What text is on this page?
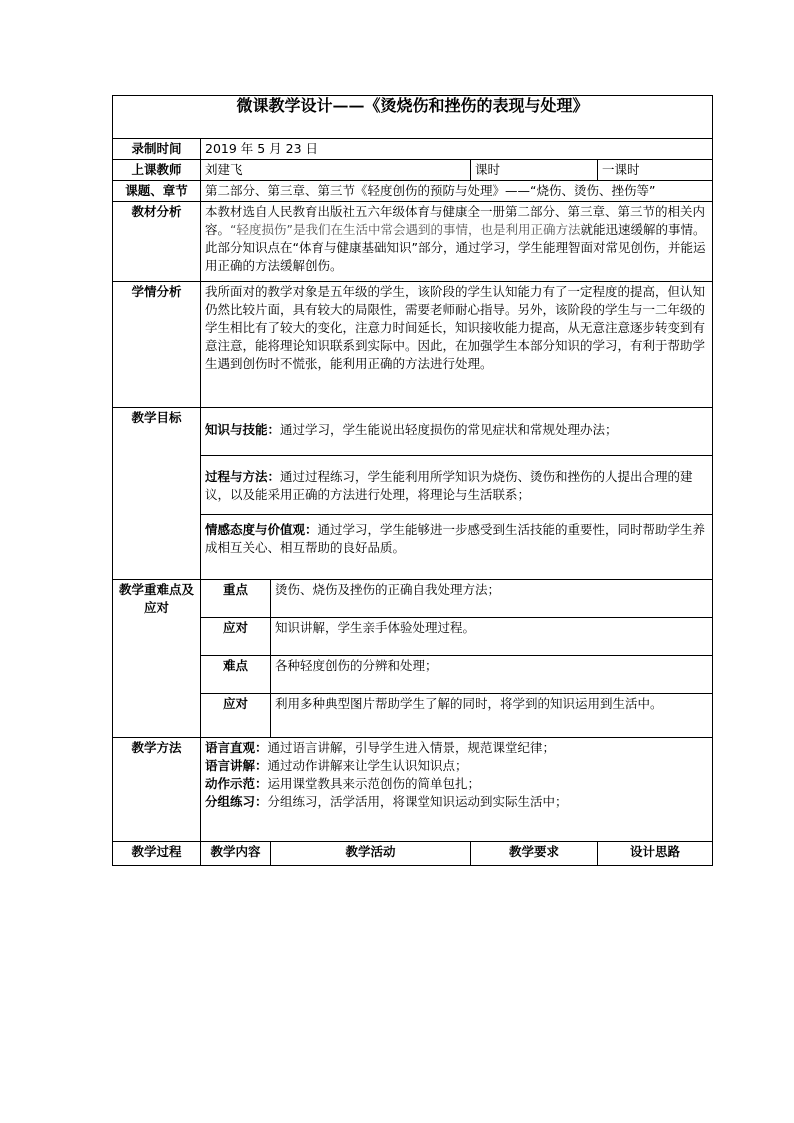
微课教学设计——《烫烧伤和挫伤的表现与处理》				
录制时间	2019 年 5 月 23 日			
上课教师	刘建飞		课时	一课时
课题、章节	第二部分、第三章、第三节《轻度创伤的预防与处理》——“烧伤、烫伤、挫伤等”			
教材分析	本教材选自人民教育出版社五六年级体育与健康全一册第二部分、第三章、第三节的相关内容。“轻度损伤”是我们在生活中常会遇到的事情，也是利用正确方法就能迅速缓解的事情。此部分知识点在“体育与健康基础知识”部分，通过学习，学生能理智面对常见创伤，并能运用正确的方法缓解创伤。			
学情分析	我所面对的教学对象是五年级的学生，该阶段的学生认知能力有了一定程度的提高，但认知仍然比较片面，具有较大的局限性，需要老师耐心指导。另外，该阶段的学生与一二年级的学生相比有了较大的变化，注意力时间延长，知识接收能力提高，从无意注意逐步转变到有意注意，能将理论知识联系到实际中。因此，在加强学生本部分知识的学习，有利于帮助学生遇到创伤时不慌张，能利用正确的方法进行处理。			
教学目标	知识与技能：通过学习，学生能说出轻度损伤的常见症状和常规处理办法；
过程与方法：通过过程练习，学生能利用所学知识为烧伤、烫伤和挫伤的人提出合理的建议，以及能采用正确的方法进行处理，将理论与生活联系；
情感态度与价值观：通过学习，学生能够进一步感受到生活技能的重要性，同时帮助学生养成相互关心、相互帮助的良好品质。			

教学重难点及应对	重点	烫伤、烧伤及挫伤的正确自我处理方法；		
	应对	知识讲解，学生亲手体验处理过程。		
	难点	各种轻度创伤的分辨和处理；		
	应对	利用多种典型图片帮助学生了解的同时，将学到的知识运用到生活中。		
教学方法	语言直观：通过语言讲解，引导学生进入情景，规范课堂纪律；
语言讲解：通过动作讲解来让学生认识知识点；
动作示范：运用课堂教具来示范创伤的简单包扎；
分组练习：分组练习，活学活用，将课堂知识运动到实际生活中；			

教学过程	教学内容	教学活动	教学要求	设计思路
